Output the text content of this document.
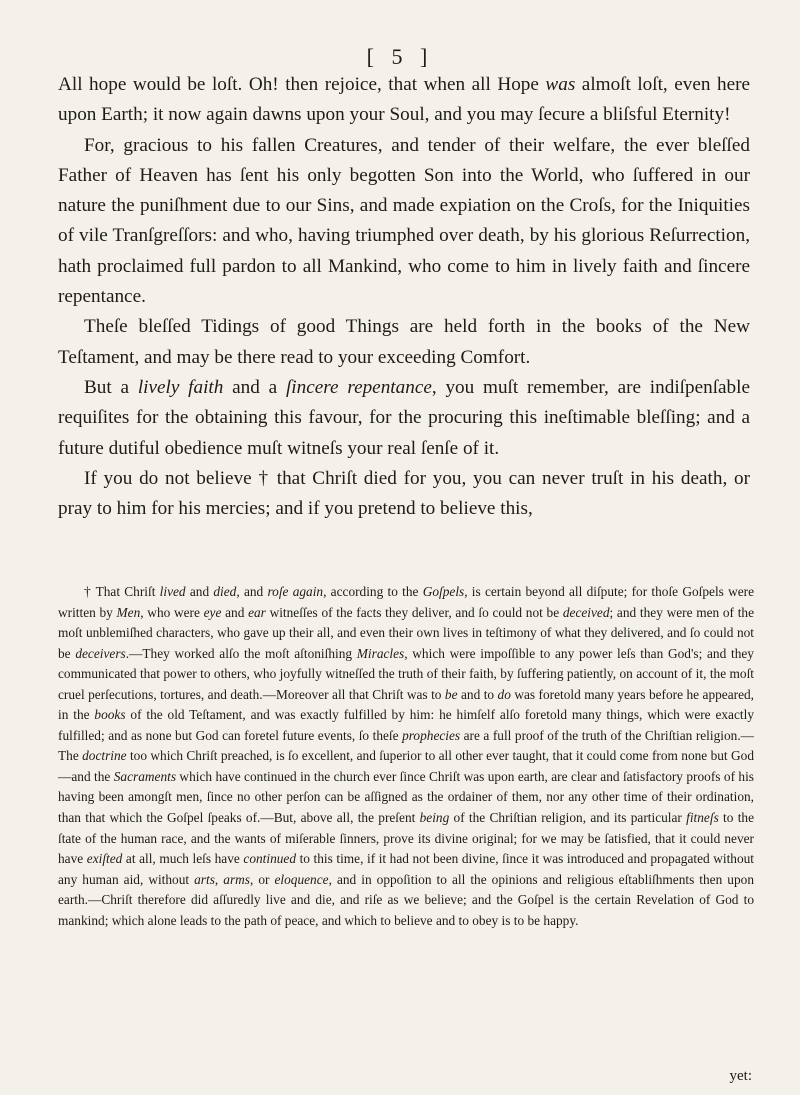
[ 5 ]

All hope would be loſt. Oh! then rejoice, that when all Hope was almoſt loſt, even here upon Earth; it now again dawns upon your Soul, and you may ſecure a bliſsful Eternity!

For, gracious to his fallen Creatures, and tender of their welfare, the ever bleſſed Father of Heaven has ſent his only begotten Son into the World, who ſuffered in our nature the puniſhment due to our Sins, and made expiation on the Croſs, for the Iniquities of vile Tranſgreſſors: and who, having triumphed over death, by his glorious Reſurrection, hath proclaimed full pardon to all Mankind, who come to him in lively faith and ſincere repentance.

Theſe bleſſed Tidings of good Things are held forth in the books of the New Teſtament, and may be there read to your exceeding Comfort.

But a lively faith and a ſincere repentance, you muſt remember, are indiſpenſable requiſites for the obtaining this favour, for the procuring this ineſtimable bleſſing; and a future dutiful obedience muſt witneſs your real ſenſe of it.

If you do not believe † that Chriſt died for you, you can never truſt in his death, or pray to him for his mercies; and if you pretend to believe this,

† That Chriſt lived and died, and roſe again, according to the Goſpels, is certain beyond all diſpute; for thoſe Goſpels were written by Men, who were eye and ear witneſſes of the facts they deliver, and ſo could not be deceived; and they were men of the moſt unblemiſhed characters, who gave up their all, and even their own lives in teſtimony of what they delivered, and ſo could not be deceivers.—They worked alſo the moſt aſtoniſhing Miracles, which were impoſſible to any power leſs than God's; and they communicated that power to others, who joyfully witneſſed the truth of their faith, by ſuffering patiently, on account of it, the moſt cruel perſecutions, tortures, and death.—Moreover all that Chriſt was to be and to do was foretold many years before he appeared, in the books of the old Teſtament, and was exactly fulfilled by him: he himſelf alſo foretold many things, which were exactly fulfilled; and as none but God can foretel future events, ſo theſe prophecies are a full proof of the truth of the Chriſtian religion.—The doctrine too which Chriſt preached, is ſo excellent, and ſuperior to all other ever taught, that it could come from none but God—and the Sacraments which have continued in the church ever ſince Chriſt was upon earth, are clear and ſatisfactory proofs of his having been amongſt men, ſince no other perſon can be aſſigned as the ordainer of them, nor any other time of their ordination, than that which the Goſpel ſpeaks of.—But, above all, the preſent being of the Chriſtian religion, and its particular fitneſs to the ſtate of the human race, and the wants of miſerable ſinners, prove its divine original; for we may be ſatisfied, that it could never have exiſted at all, much leſs have continued to this time, if it had not been divine, ſince it was introduced and propagated without any human aid, without arts, arms, or eloquence, and in oppoſition to all the opinions and religious eſtabliſhments then upon earth.—Chriſt therefore did aſſuredly live and die, and riſe as we believe; and the Goſpel is the certain Revelation of God to mankind; which alone leads to the path of peace, and which to believe and to obey is to be happy.

yet:
